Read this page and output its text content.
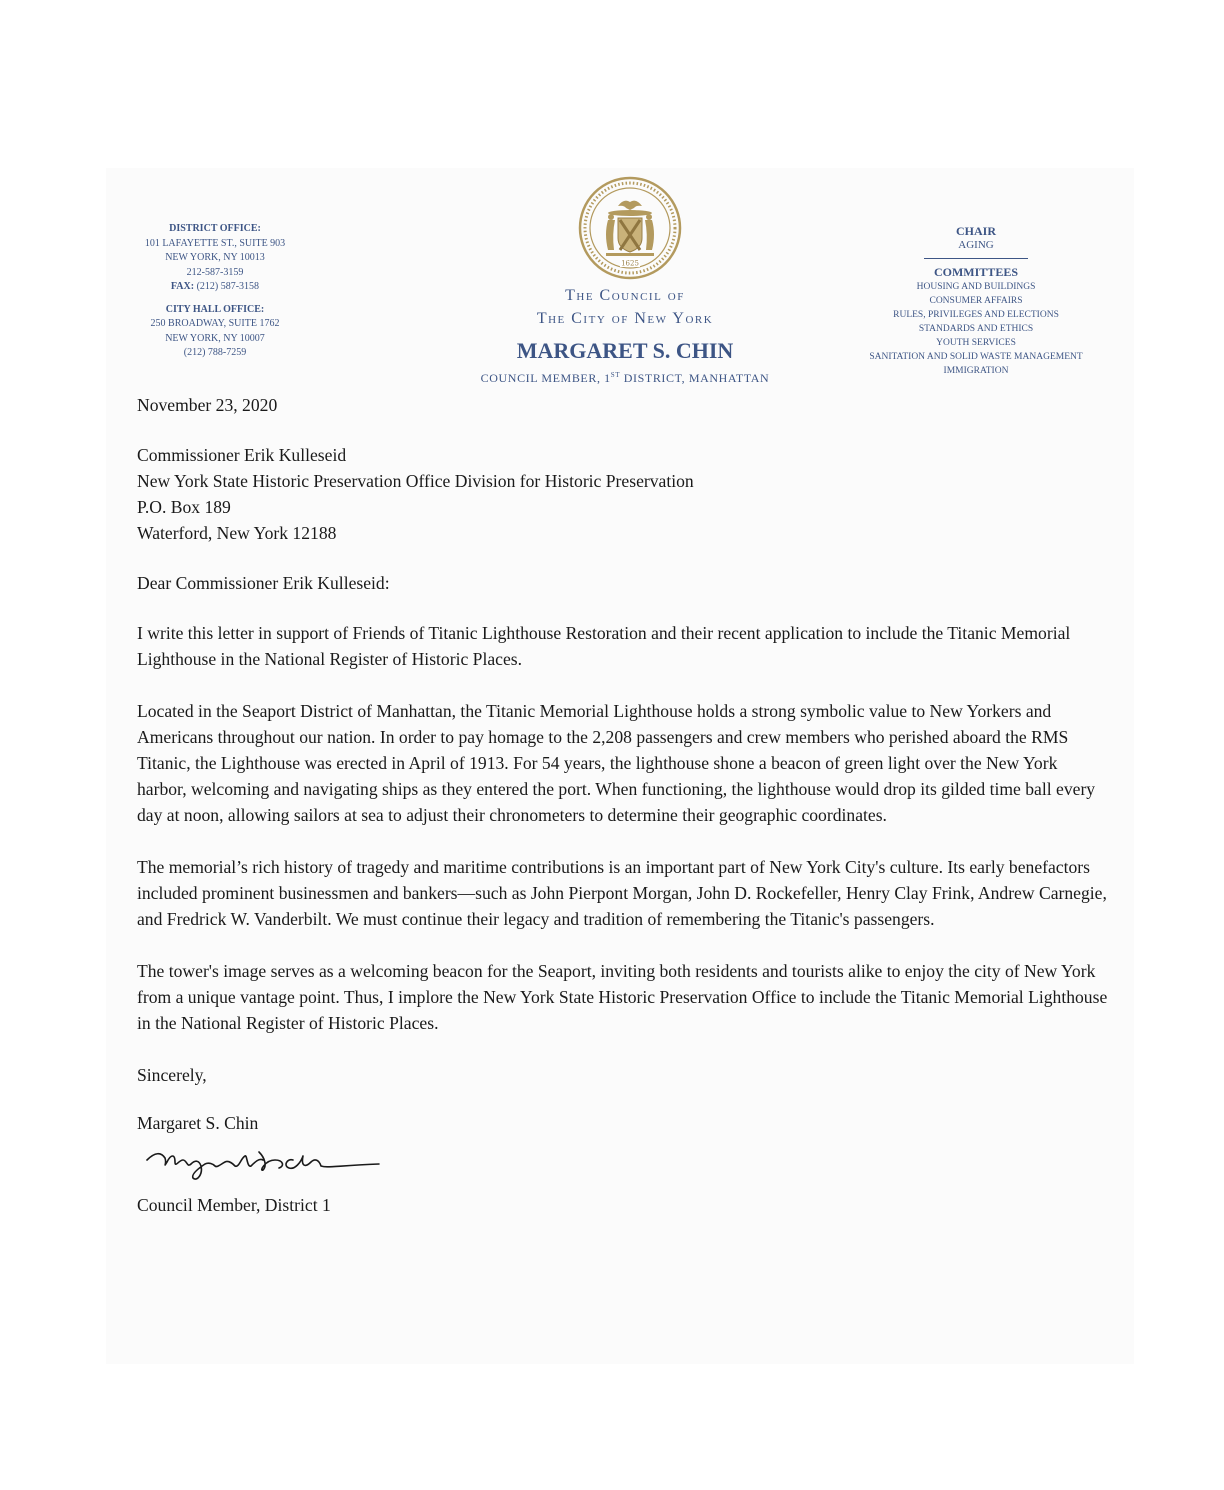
DISTRICT OFFICE:
101 LAFAYETTE ST., SUITE 903
NEW YORK, NY 10013
212-587-3159
FAX: (212) 587-3158
CITY HALL OFFICE:
250 BROADWAY, SUITE 1762
NEW YORK, NY 10007
(212) 788-7259
1625
The Council of
The City of New York
MARGARET S. CHIN
COUNCIL MEMBER, 1ST DISTRICT, MANHATTAN
CHAIR
AGING
COMMITTEES
HOUSING AND BUILDINGS
CONSUMER AFFAIRS
RULES, PRIVILEGES AND ELECTIONS
STANDARDS AND ETHICS
YOUTH SERVICES
SANITATION AND SOLID WASTE MANAGEMENT
IMMIGRATION

November 23, 2020

Commissioner Erik Kulleseid

New York State Historic Preservation Office Division for Historic Preservation

P.O. Box 189

Waterford, New York 12188

Dear Commissioner Erik Kulleseid:

I write this letter in support of Friends of Titanic Lighthouse Restoration and their recent application to include the Titanic Memorial Lighthouse in the National Register of Historic Places.

Located in the Seaport District of Manhattan, the Titanic Memorial Lighthouse holds a strong symbolic value to New Yorkers and Americans throughout our nation. In order to pay homage to the 2,208 passengers and crew members who perished aboard the RMS Titanic, the Lighthouse was erected in April of 1913. For 54 years, the lighthouse shone a beacon of green light over the New York harbor, welcoming and navigating ships as they entered the port. When functioning, the lighthouse would drop its gilded time ball every day at noon, allowing sailors at sea to adjust their chronometers to determine their geographic coordinates.

The memorial’s rich history of tragedy and maritime contributions is an important part of New York City's culture. Its early benefactors included prominent businessmen and bankers—such as John Pierpont Morgan, John D. Rockefeller, Henry Clay Frink, Andrew Carnegie, and Fredrick W. Vanderbilt. We must continue their legacy and tradition of remembering the Titanic's passengers.

The tower's image serves as a welcoming beacon for the Seaport, inviting both residents and tourists alike to enjoy the city of New York from a unique vantage point. Thus, I implore the New York State Historic Preservation Office to include the Titanic Memorial Lighthouse in the National Register of Historic Places.

Sincerely,

Margaret S. Chin

Council Member, District 1
